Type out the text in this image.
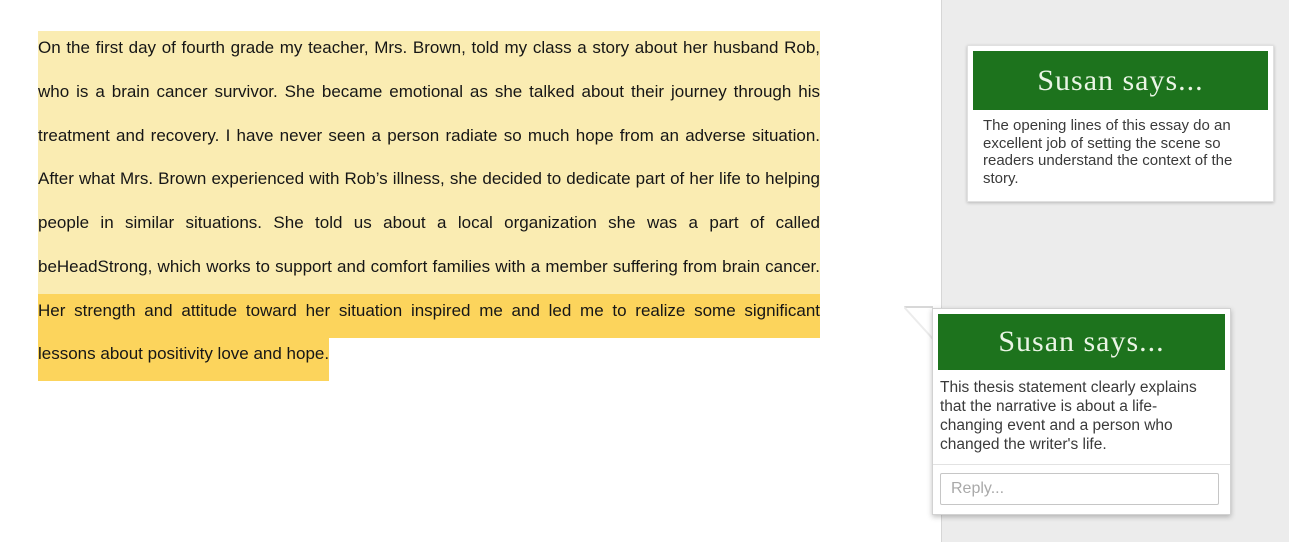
On the first day of fourth grade my teacher, Mrs. Brown, told my class a story about her husband Rob, who is a brain cancer survivor. She became emotional as she talked about their journey through his treatment and recovery. I have never seen a person radiate so much hope from an adverse situation. After what Mrs. Brown experienced with Rob’s illness, she decided to dedicate part of her life to helping people in similar situations. She told us about a local organization she was a part of called beHeadStrong, which works to support and comfort families with a member suffering from brain cancer. Her strength and attitude toward her situation inspired me and led me to realize some significant lessons about positivity love and hope.

Susan says...
The opening lines of this essay do an excellent job of setting the scene so readers understand the context of the story.
Susan says...
This thesis statement clearly explains that the narrative is about a life-changing event and a person who changed the writer's life.
Reply...
